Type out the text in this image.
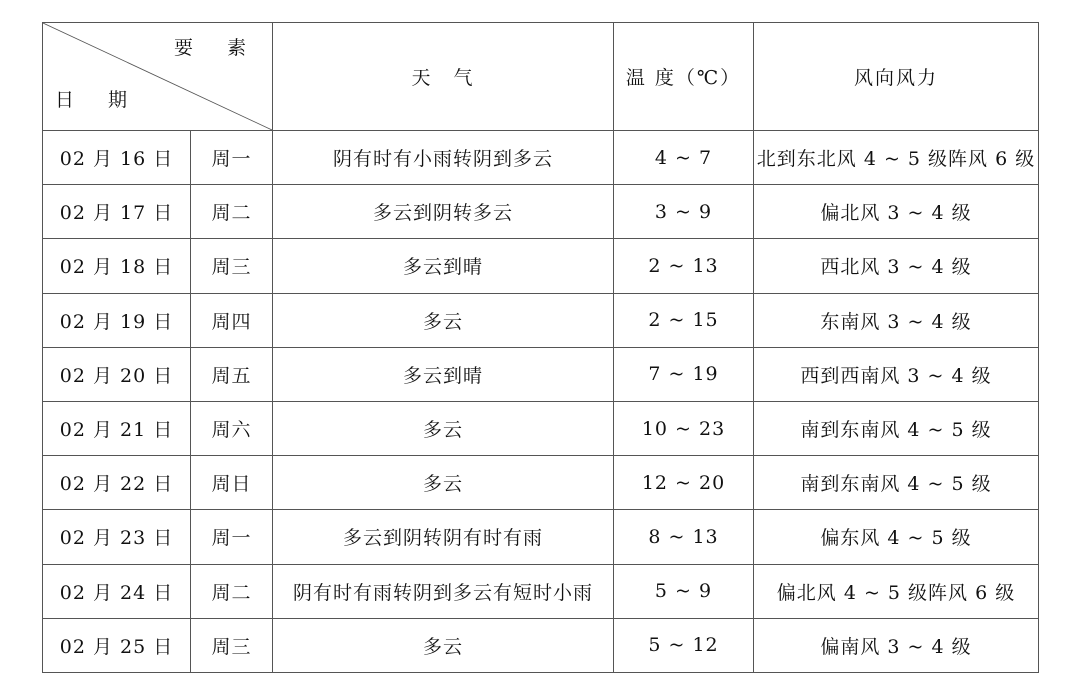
要 素
日 期		天　气	温 度（℃）	风向风力
02 月 16 日	周一	阴有时有小雨转阴到多云	4 ~ 7	北到东北风 4 ~ 5 级阵风 6 级
02 月 17 日	周二	多云到阴转多云	3 ~ 9	偏北风 3 ~ 4 级
02 月 18 日	周三	多云到晴	2 ~ 13	西北风 3 ~ 4 级
02 月 19 日	周四	多云	2 ~ 15	东南风 3 ~ 4 级
02 月 20 日	周五	多云到晴	7 ~ 19	西到西南风 3 ~ 4 级
02 月 21 日	周六	多云	10 ~ 23	南到东南风 4 ~ 5 级
02 月 22 日	周日	多云	12 ~ 20	南到东南风 4 ~ 5 级
02 月 23 日	周一	多云到阴转阴有时有雨	8 ~ 13	偏东风 4 ~ 5 级
02 月 24 日	周二	阴有时有雨转阴到多云有短时小雨	5 ~ 9	偏北风 4 ~ 5 级阵风 6 级
02 月 25 日	周三	多云	5 ~ 12	偏南风 3 ~ 4 级
